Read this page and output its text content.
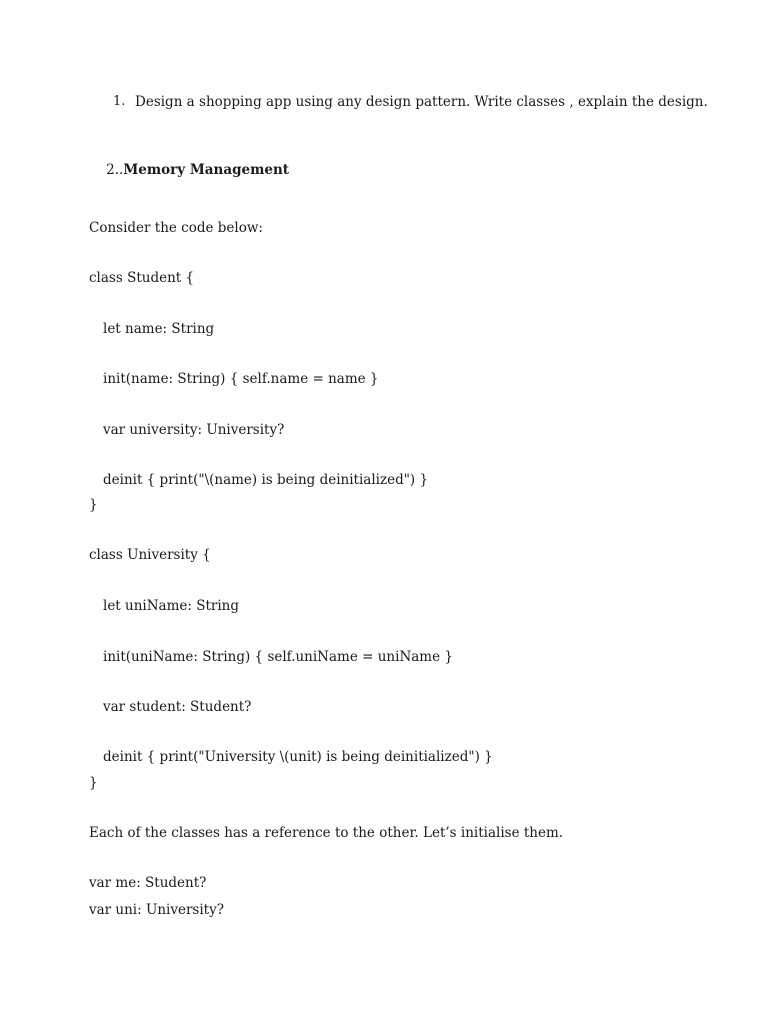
1. Design a shopping app using any design pattern. Write classes , explain the design.

2..Memory Management

Consider the code below:
class Student {
let name: String
init(name: String) { self.name = name }
var university: University?
deinit { print("\(name) is being deinitialized") }
}
class University {
let uniName: String
init(uniName: String) { self.uniName = uniName }
var student: Student?
deinit { print("University \(unit) is being deinitialized") }
}
Each of the classes has a reference to the other. Let’s initialise them.
var me: Student?
var uni: University?
